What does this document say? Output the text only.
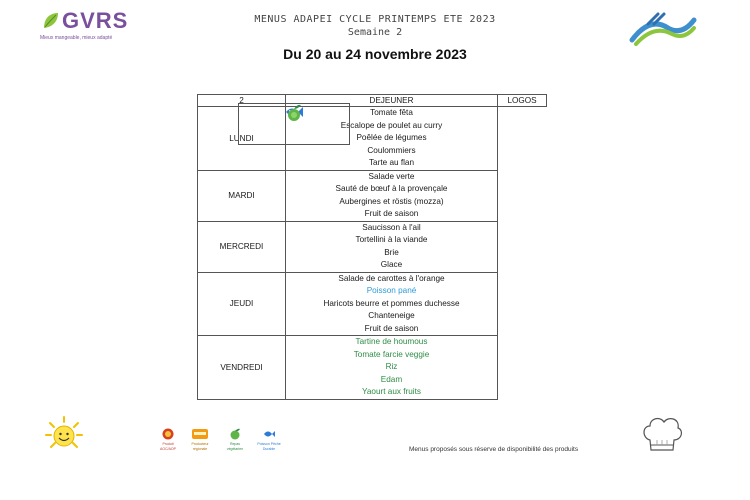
GVRS
Mieux mangeable, mieux adapté
MENUS ADAPEI CYCLE PRINTEMPS ETE 2023
Semaine 2
Du 20 au 24 novembre 2023
2	DEJEUNER	LOGOS
LUNDI	Tomate fêta
Escalope de poulet au curry
Poêlée de légumes
Coulommiers
Tarte au flan	

MARDI	Salade verte
Sauté de bœuf à la provençale
Aubergines et röstis (mozza)
Fruit de saison	

MERCREDI	Saucisson à l'ail
Tortellini à la viande
Brie
Glace	

JEUDI	Salade de carottes à l'orange
Poisson pané
Haricots beurre et pommes duchesse
Chanteneige
Fruit de saison

VENDREDI	Tartine de houmous
Tomate farcie veggie
Riz
Edam
Yaourt aux fruits

Produit AOC/AOP
Producteur régionale
Repas végétarien
Poisson Pêche Durable	Menus proposés sous réserve de disponibilité des produits
